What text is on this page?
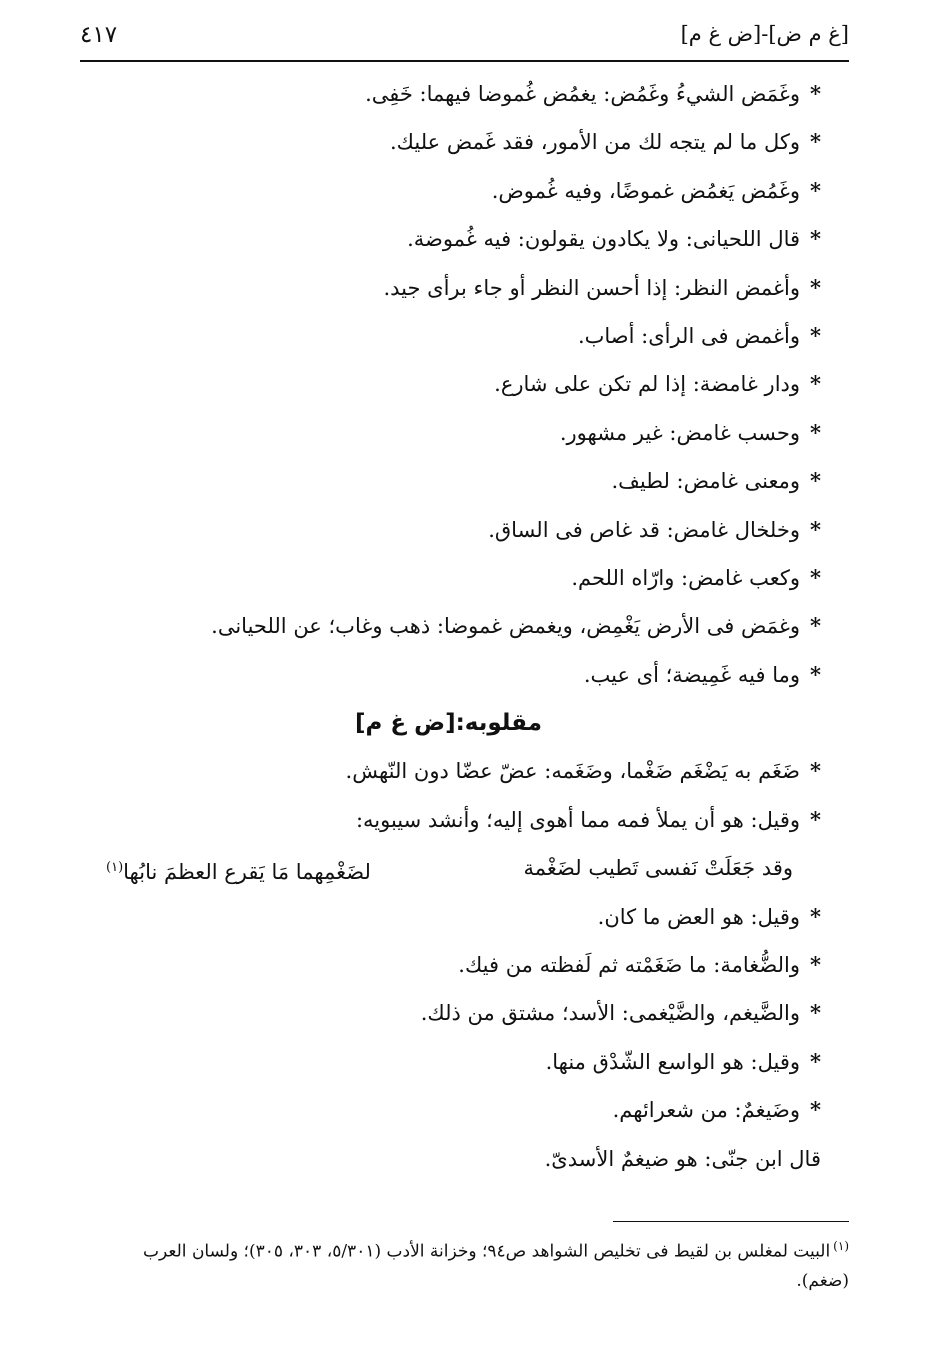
[غ م ض]-[ض غ م]
٤١٧
*وغَمَض الشيءُ وغَمُض: يغمُض غُموضا فيهما: خَفِى.
*وكل ما لم يتجه لك من الأمور، فقد غَمض عليك.
*وغَمُض يَغمُض غموضًا، وفيه غُموض.
*قال اللحيانى: ولا يكادون يقولون: فيه غُموضة.
*وأغمض النظر: إذا أحسن النظر أو جاء برأى جيد.
*وأغمض فى الرأى: أصاب.
*ودار غامضة: إذا لم تكن على شارع.
*وحسب غامض: غير مشهور.
*ومعنى غامض: لطيف.
*وخلخال غامض: قد غاص فى الساق.
*وكعب غامض: وارّاه اللحم.
*وغمَض فى الأرض يَغْمِض، ويغمض غموضا: ذهب وغاب؛ عن اللحيانى.
*وما فيه غَمِيضة؛ أى عيب.
مقلوبه:[ض غ م]
*ضَغَم به يَضْغَم ضَغْما، وضَغَمه: عضّ عضّا دون النّهش.
*وقيل: هو أن يملأ فمه مما أهوى إليه؛ وأنشد سيبويه:
وقد جَعَلَتْ نَفسى تَطيب لضَغْمة
لضَغْمِهما مَا يَقرع العظمَ نابُها$^{(١)}$
*وقيل: هو العض ما كان.
*والضُّغامة: ما ضَغَمْته ثم لَفظته من فيك.
*والضَّيغم، والضَّيْغمى: الأسد؛ مشتق من ذلك.
*وقيل: هو الواسع الشّدْق منها.
*وضَيغمٌ: من شعرائهم.
قال ابن جنّى: هو ضيغمٌ الأسدىّ.
$^{(١)}$البيت لمغلس بن لقيط فى تخليص الشواهد ص٩٤؛ وخزانة الأدب (٥/٣٠١، ٣٠٣، ٣٠٥)؛ ولسان العرب (ضغم).
